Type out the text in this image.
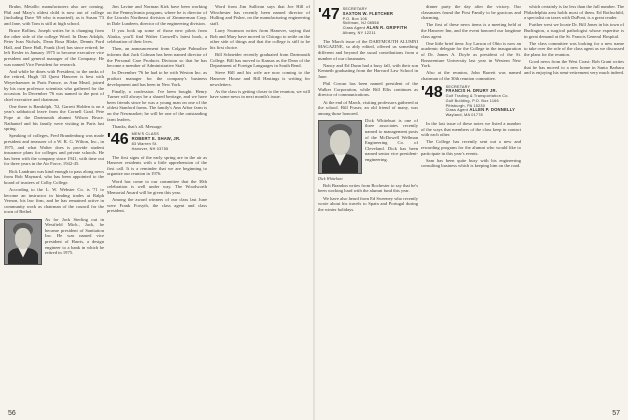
Bruhn, Metallic manufacturers also are coming. Phil and Mary's oldest child is now out of college (including Dave '69 who is married), as is Susan '73 and Jane, with Tom is still at high school.

Bruce Rollins, Joseph writes he is changing from the other side of the college Word. In Dean Adolph, Peter Ivan Nichols, Dean Rosa Blake, Dennis Ford Hall, and Dave Hall, Frank (Joe) has since retired; he left Kesler in January 1975 to become executive vice president and general manager of the Company. He was named Vice President for research.

And while he dines with President, to the ranks of the retired, Hugh '43 Quest Hanover is best with Weyerhaeuser in Paris France, as Ann Mead, joined by his own professor scientists who gathered for the occasion. In December '76 was named to the post of chief executive and chairman.

One there is Randolph, '52, Garrett Holden is on a year's sabbatical leave from the Cornell Grad. Pete Pope at the Dartmouth alumni Wilson Bruce. Nathaniel and his family were visiting in Paris last spring.

Speaking of colleges, Fred Brandenburg was made president and treasurer of a W. R. G. Wilton, Inc., in 1975, and what Walter does is provide student insurance plans for colleges and private schools. He has been with the company since 1941, with time out for three years in the Air Force, 1942-45.

Rick Landrum was kind enough to pass along news from Bob Maynard, who has been appointed to the board of trustees of Colby College.

According to the L. W. Webster Co. is '71 to become an instructor in binding trades at Ralph Vernon, his law firm, and he has remained active in community work as chairman of the council for the town of Bethel.

As for Jack Sterling out in Westfield Mich., Jack, he became president of Sanitation Inc. He was named vice president of Harris, a design engineer to a bank in which he retired in 1975.

Jim Lavine and Norman Kirk have been working on the Pennsylvania program, where he is director of the Lincoln Northeast division of Zimmerman Corp. in Dale Lundeen, director of the engineering division.

If you look up some of those new pilots from Alaska, you'll find Walter Conwell's latest book, a celebration of their lives.

Then, an announcement from Colgate Palmolive informs that Jack Colman has been named director of the Personal Care Products Division so that he has become a member of Administrative Staff.

In December '76 he had to be with Weston Inc. as product manager for the company's business development and has been in New York.

Finally, a confession. I've been bought. Henry Turner will always be a shared heritage, and we have been friends since he was a young man on one of the oldest Stanford farms. The family's Ann Arbor farm is on the Newmarket; he will be one of the outstanding farm leaders.

Thanks, that's all. Message.

'46 MEN'S CLASS
ROBERT E. SHAW, JR.
83 Warren St.
Hanover, NH 03755

The first signs of the early spring are in the air as Hanover residents with a little apprehension of the first call. It is a reminder that we are beginning to organize our reunion in 1976.

Word has come to our committee that the 30th celebration is well under way. The Woodworth Memorial Award will be given this year.

Among the award winners of our class last June were Frank Forsyth, the class agent and class president.

Word from Jim Sullivan says that Joe Hill of Winchester has recently been named director of Hulling and Fisher, on the manufacturing engineering staff.

Larry Swanson writes from Hanover, saying that Bob and Mary have moved to Chicago to settle on the other side of things and that the college is still to be his first choice.

Bill Schneider recently graduated from Dartmouth College. Bill has moved to Kansas as the Dean of the Department of Foreign Languages in South Bend.

Steve Hill and his wife are now coming to the Hanover House and Bill Hastings is writing for newsletters.

As the class is getting closer to the reunion, we will have some news in next month's issue.

56
'47 SECRETARY
SAXTON W. FLETCHER
P.O. Box 106
Skillman, NJ 08558
Class Agent ALAN R. GRIFFITH
Albany, NY 12211

The March issue of the DARTMOUTH ALUMNI MAGAZINE, so ably edited, offered us something different and beyond the usual contributions from a number of our classmates.

Nancy and Ed Dunn had a busy fall, with their son Kenneth graduating from the Harvard Law School in June.

Phil Cowan has been named president of the Walker Corporation, while Bill Ellis continues as director of communications.

At the end of March, visiting professors gathered at the school. Bill Fraser, an old friend of many, was among those honored.

Dick Whitehurt is one of three associates recently named to management posts of the McDowell Wellman Engineering Co. of Cleveland. Dick has been named senior vice president-engineering.

Dick Whitehurt

Bob Brandon writes from Rochester to say that he's been working hard with the alumni fund this year.

We have also heard from Ed Sweeney who recently wrote about his travels to Spain and Portugal during the winter holidays.

dinner party the day after the victory. Our classmates found the First Family to be gracious and charming.

The first of these news items is a meeting held at the Hanover Inn, and the event honored our longtime class agent.

One little brief item: Joy Larson of Ohio is now an academic delegate for the College in the inauguration of Dr. James A. Doyle as president of the St. Bonaventure University last year in Western New York.

Also at the reunion, John Barrett was named chairman of the 30th reunion committee.

'48 SECRETARY
FRANCIS H. DRURY JR.
Gulf Trading & Transportation Co.
Gulf Building, P.O. Box 1166
Pittsburgh, PA 15230
Class Agent ALLEN P. DONNELLY
Wayland, MA 01778

In the last issue of these notes we listed a number of the ways that members of the class keep in contact with each other.

The College has recently sent out a new and rewarding program for the alumni who would like to participate in this year's events.

Sam has been quite busy with his engineering consulting business which is keeping him on the road.

which certainly is far less than the full number. The Philadelphia area holds most of them. Ed Rothschild, a specialist on taxes with DuPont, is a great reader.

Further west we locate Dr. Bill Jones in his town of Burlington, a surgical pathologist whose expertise is in great demand at the St. Francis General Hospital.

The class committee was looking for a new name to take over the role of the class agent as we discussed the plans for the reunion.

Good news from the West Coast: Bob Grant writes that he has moved to a new home in Santa Barbara and is enjoying his semi-retirement very much indeed.

57
